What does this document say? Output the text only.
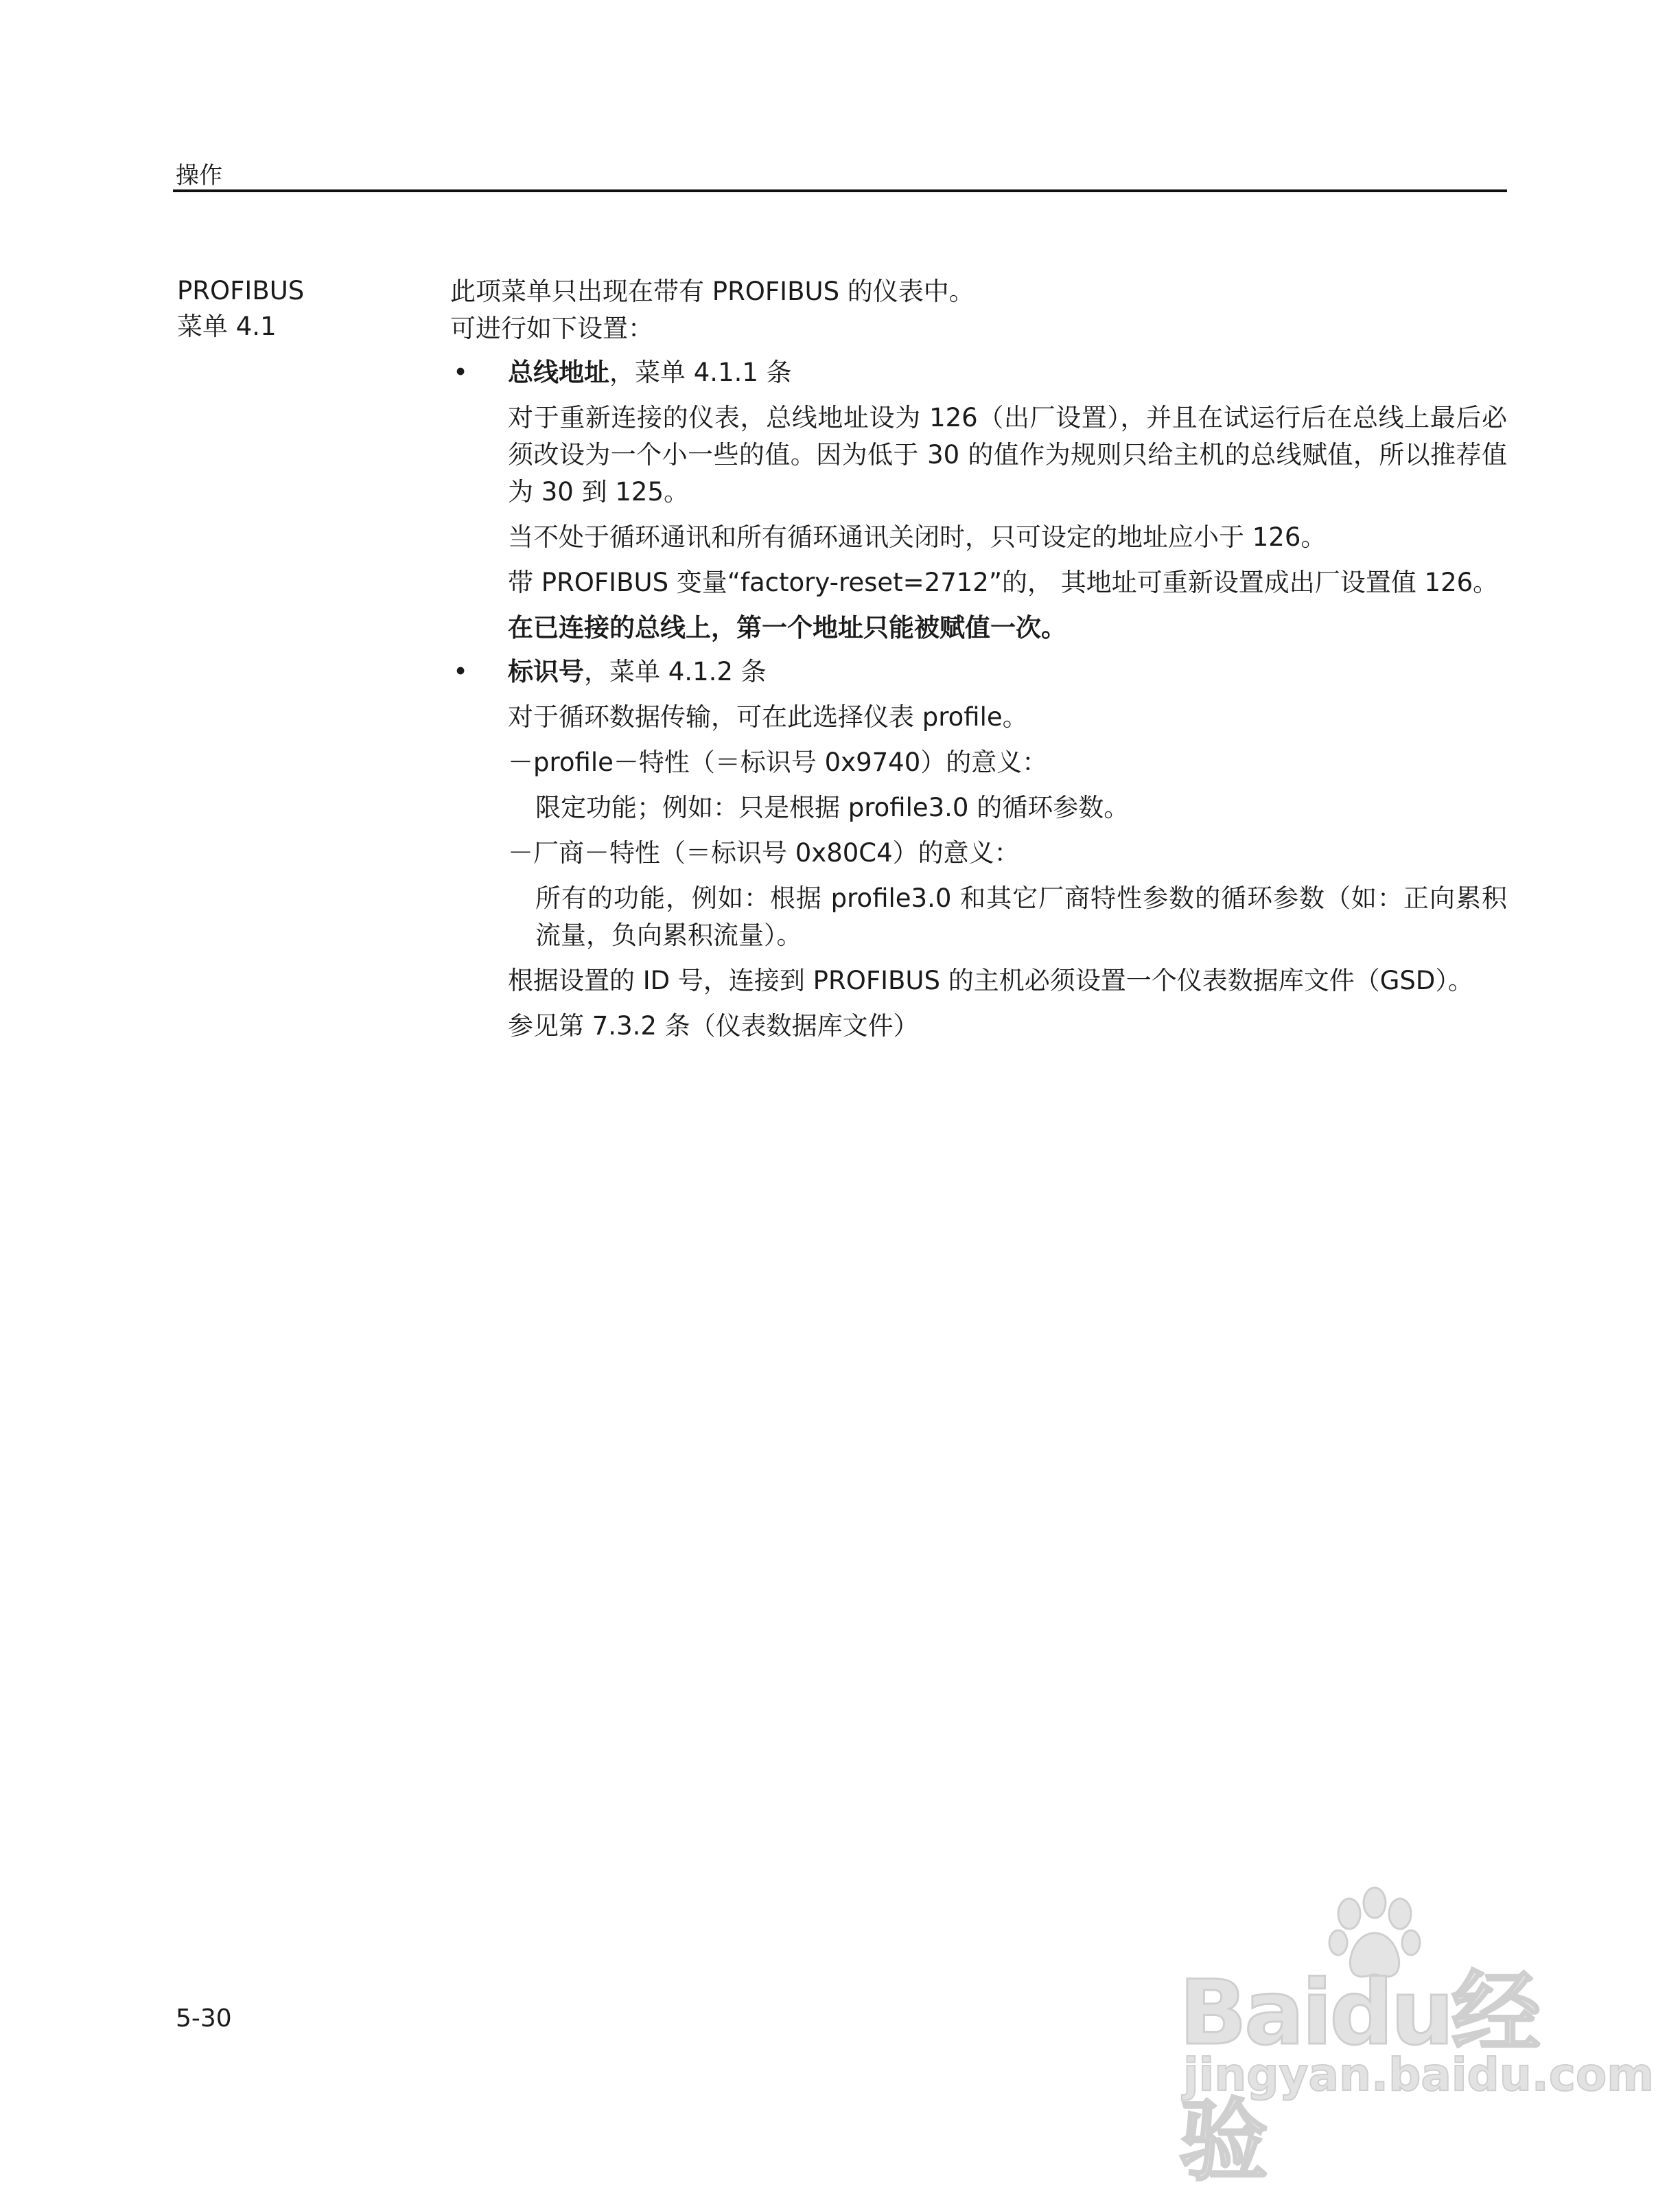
操作
PROFIBUS
菜单 4.1

此项菜单只出现在带有 PROFIBUS 的仪表中。

可进行如下设置：

• 总线地址，菜单 4.1.1 条

对于重新连接的仪表，总线地址设为 126（出厂设置），并且在试运行后在总线上最后必须改设为一个小一些的值。因为低于 30 的值作为规则只给主机的总线赋值，所以推荐值为 30 到 125。

当不处于循环通讯和所有循环通讯关闭时，只可设定的地址应小于 126。

带 PROFIBUS 变量“factory-reset=2712”的， 其地址可重新设置成出厂设置值 126。

在已连接的总线上，第一个地址只能被赋值一次。

• 标识号，菜单 4.1.2 条

对于循环数据传输，可在此选择仪表 profile。

－profile－特性（＝标识号 0x9740）的意义：

限定功能；例如：只是根据 profile3.0 的循环参数。

－厂商－特性（＝标识号 0x80C4）的意义：

所有的功能，例如：根据 profile3.0 和其它厂商特性参数的循环参数（如：正向累积流量，负向累积流量）。

根据设置的 ID 号，连接到 PROFIBUS 的主机必须设置一个仪表数据库文件（GSD）。

参见第 7.3.2 条（仪表数据库文件）

5-30	Baidu经验
jingyan.baidu.com
